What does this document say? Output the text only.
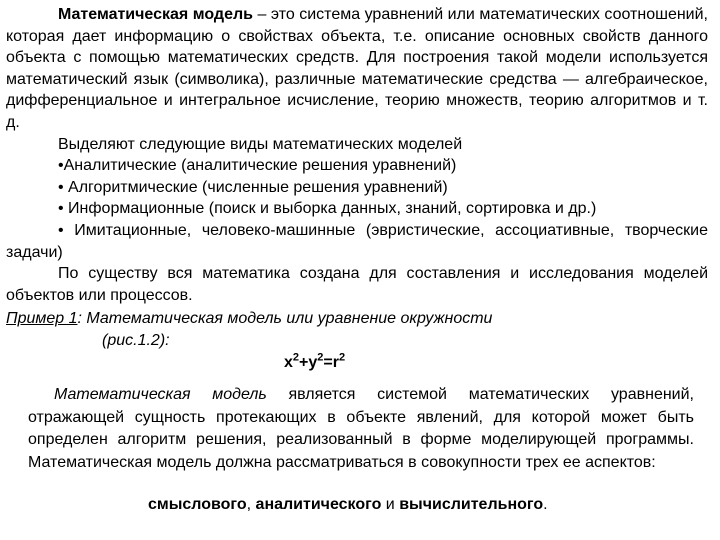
Математическая модель – это система уравнений или математических соотношений, которая дает информацию о свойствах объекта, т.е. описание основных свойств данного объекта с помощью математических средств. Для построения такой модели используется математический язык (символика), различные математические средства — алгебраическое, дифференциальное и интегральное исчисление, теорию множеств, теорию алгоритмов и т. д.
Выделяют следующие виды математических моделей
•Аналитические (аналитические решения уравнений)
• Алгоритмические (численные решения уравнений)
• Информационные (поиск и выборка данных, знаний, сортировка и др.)
• Имитационные, человеко-машинные (эвристические, ассоциативные, творческие задачи)
По существу вся математика создана для составления и исследования моделей объектов или процессов.

Пример 1: Математическая модель или уравнение окружности
(рис.1.2):
$x^2+y^2=r^2$

Математическая модель является системой математических уравнений, отражающей сущность протекающих в объекте явлений, для которой может быть определен алгоритм решения, реализованный в форме моделирующей программы. Математическая модель должна рассматриваться в совокупности трех ее аспектов:

смыслового, аналитического и вычислительного.
